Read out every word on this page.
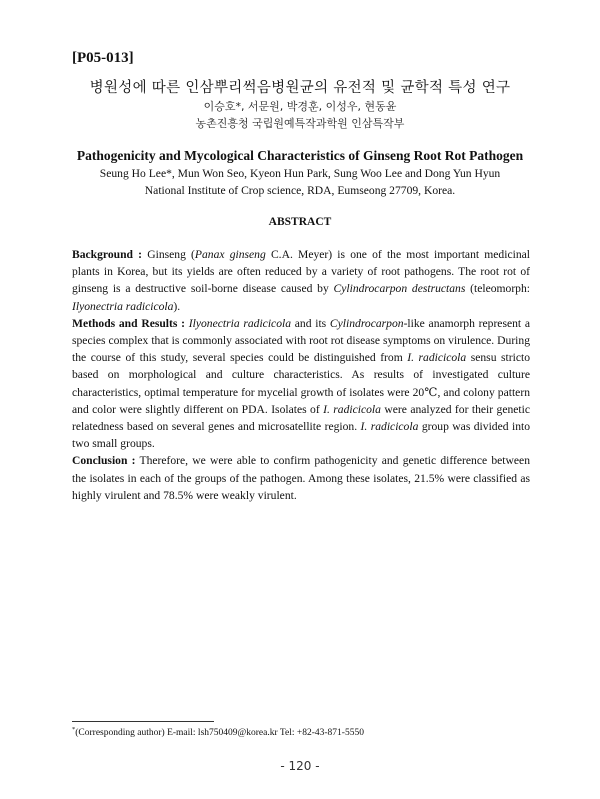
[P05-013]
병원성에 따른 인삼뿌리썩음병원균의 유전적 및 균학적 특성 연구
이승호*, 서문원, 박경훈, 이성우, 현동윤
농촌진흥청 국립원예특작과학원 인삼특작부
Pathogenicity and Mycological Characteristics of Ginseng Root Rot Pathogen
Seung Ho Lee*, Mun Won Seo, Kyeon Hun Park, Sung Woo Lee and Dong Yun Hyun
National Institute of Crop science, RDA, Eumseong 27709, Korea.
ABSTRACT

Background : Ginseng (Panax ginseng C.A. Meyer) is one of the most important medicinal plants in Korea, but its yields are often reduced by a variety of root pathogens. The root rot of ginseng is a destructive soil-borne disease caused by Cylindrocarpon destructans (teleomorph: Ilyonectria radicicola).

Methods and Results : Ilyonectria radicicola and its Cylindrocarpon-like anamorph represent a species complex that is commonly associated with root rot disease symptoms on virulence. During the course of this study, several species could be distinguished from I. radicicola sensu stricto based on morphological and culture characteristics. As results of investigated culture characteristics, optimal temperature for mycelial growth of isolates were 20℃, and colony pattern and color were slightly different on PDA. Isolates of I. radicicola were analyzed for their genetic relatedness based on several genes and microsatellite region. I. radicicola group was divided into two small groups.

Conclusion : Therefore, we were able to confirm pathogenicity and genetic difference between the isolates in each of the groups of the pathogen. Among these isolates, 21.5% were classified as highly virulent and 78.5% were weakly virulent.

*(Corresponding author) E-mail: lsh750409@korea.kr Tel: +82-43-871-5550
- 120 -
